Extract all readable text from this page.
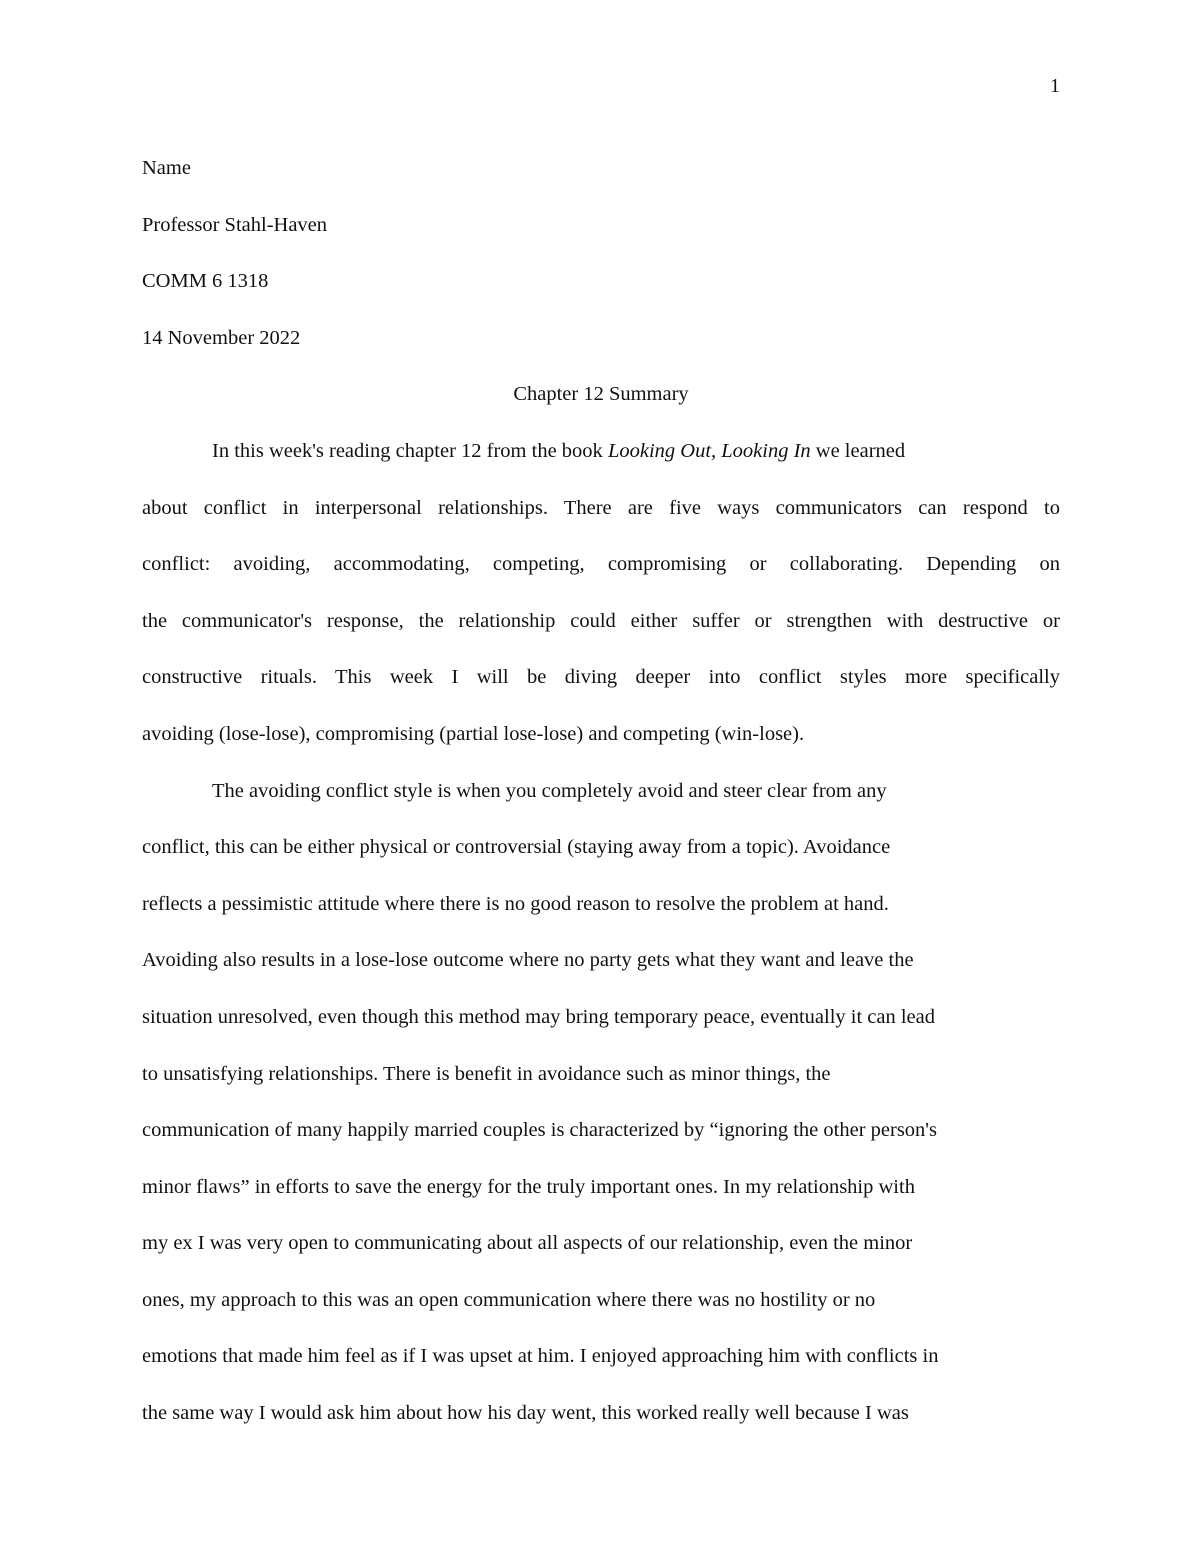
1

Name

Professor Stahl-Haven

COMM 6 1318

14 November 2022

Chapter 12 Summary

In this week's reading chapter 12 from the book Looking Out, Looking In we learned

about conflict in interpersonal relationships. There are five ways communicators can respond to

conflict: avoiding, accommodating, competing, compromising or collaborating. Depending on

the communicator's response, the relationship could either suffer or strengthen with destructive or

constructive rituals. This week I will be diving deeper into conflict styles more specifically

avoiding (lose-lose), compromising (partial lose-lose) and competing (win-lose).

The avoiding conflict style is when you completely avoid and steer clear from any

conflict, this can be either physical or controversial (staying away from a topic). Avoidance

reflects a pessimistic attitude where there is no good reason to resolve the problem at hand.

Avoiding also results in a lose-lose outcome where no party gets what they want and leave the

situation unresolved, even though this method may bring temporary peace, eventually it can lead

to unsatisfying relationships. There is benefit in avoidance such as minor things, the

communication of many happily married couples is characterized by “ignoring the other person's

minor flaws” in efforts to save the energy for the truly important ones. In my relationship with

my ex I was very open to communicating about all aspects of our relationship, even the minor

ones, my approach to this was an open communication where there was no hostility or no

emotions that made him feel as if I was upset at him. I enjoyed approaching him with conflicts in

the same way I would ask him about how his day went, this worked really well because I was
